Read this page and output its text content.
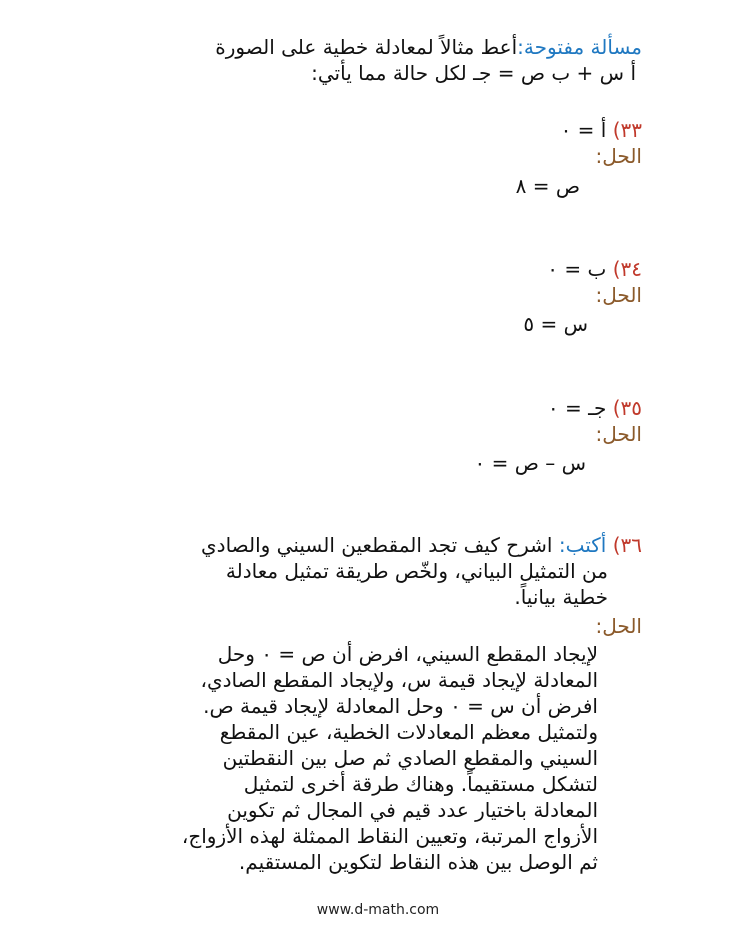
مسألة مفتوحة:أعط مثالاً لمعادلة خطية على الصورة
أ س + ب ص = جـ لكل حالة مما يأتي:
٣٣) أ = ٠
الحل:
ص = ٨
٣٤) ب = ٠
الحل:
س = ٥
٣٥) جـ = ٠
الحل:
س – ص = ٠
٣٦) أكتب: اشرح كيف تجد المقطعين السيني والصادي
من التمثيل البياني، ولخّص طريقة تمثيل معادلة
خطية بيانياً.
الحل:
لإيجاد المقطع السيني، افرض أن ص = ٠ وحل
المعادلة لإيجاد قيمة س، ولإيجاد المقطع الصادي،
افرض أن س = ٠ وحل المعادلة لإيجاد قيمة ص.
ولتمثيل معظم المعادلات الخطية، عين المقطع
السيني والمقطع الصادي ثم صل بين النقطتين
لتشكل مستقيماً. وهناك طرقة أخرى لتمثيل
المعادلة باختيار عدد قيم في المجال ثم تكوين
الأزواج المرتبة، وتعيين النقاط الممثلة لهذه الأزواج،
ثم الوصل بين هذه النقاط لتكوين المستقيم.
www.d-math.com
